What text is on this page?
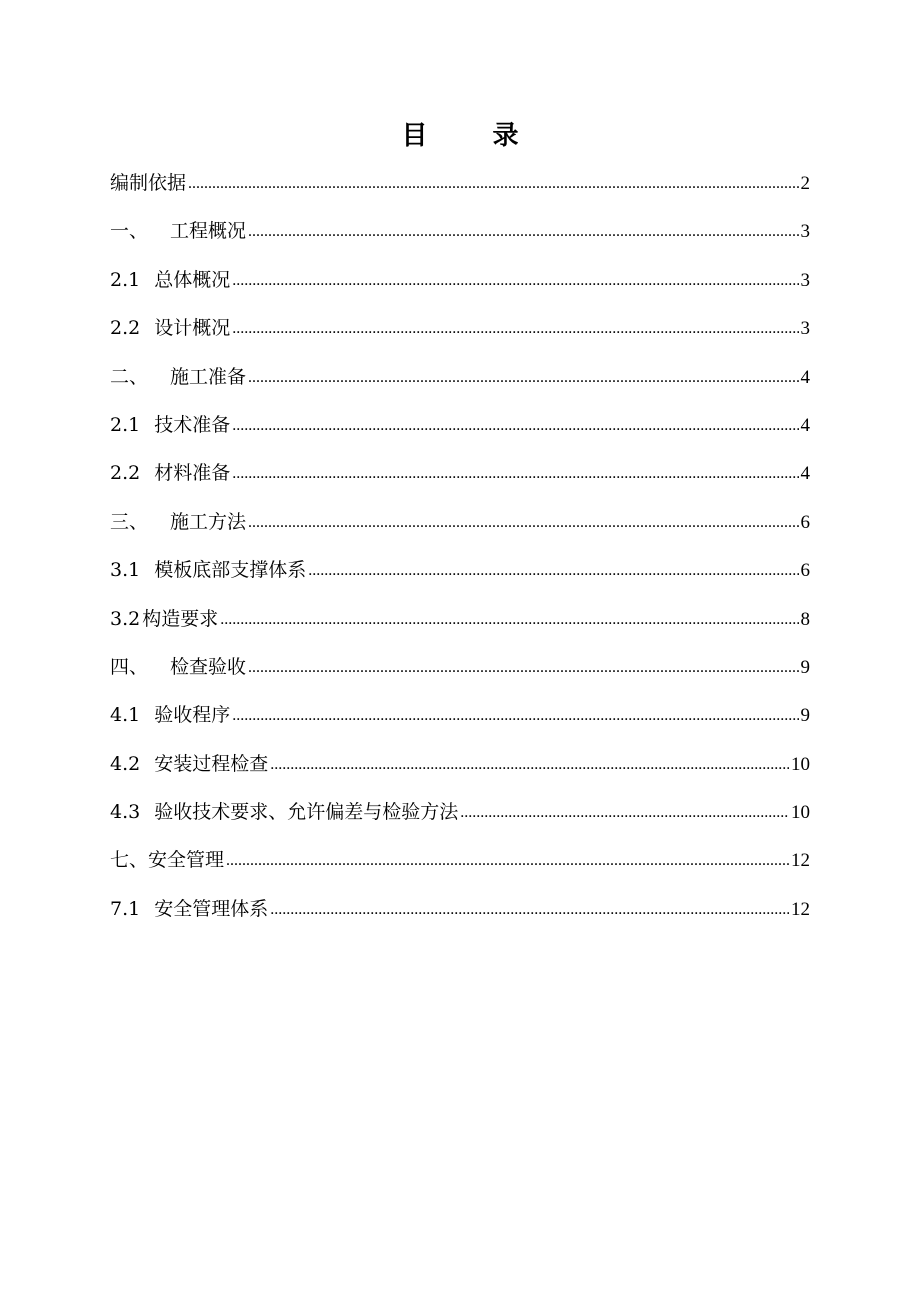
目 录
编制依据 .....	2
一、 工程概况 .....	3
2.1 总体概况 .....	3
2.2 设计概况 .....	3
二、 施工准备 .....	4
2.1 技术准备 .....	4
2.2 材料准备 .....	4
三、 施工方法 .....	6
3.1 模板底部支撑体系 .....	6
3.2 构造要求 .....	8
四、 检查验收 .....	9
4.1 验收程序 .....	9
4.2 安装过程检查 .....	10
4.3 验收技术要求、允许偏差与检验方法 .....	10
七、 安全管理 .....	12
7.1 安全管理体系 .....	12
